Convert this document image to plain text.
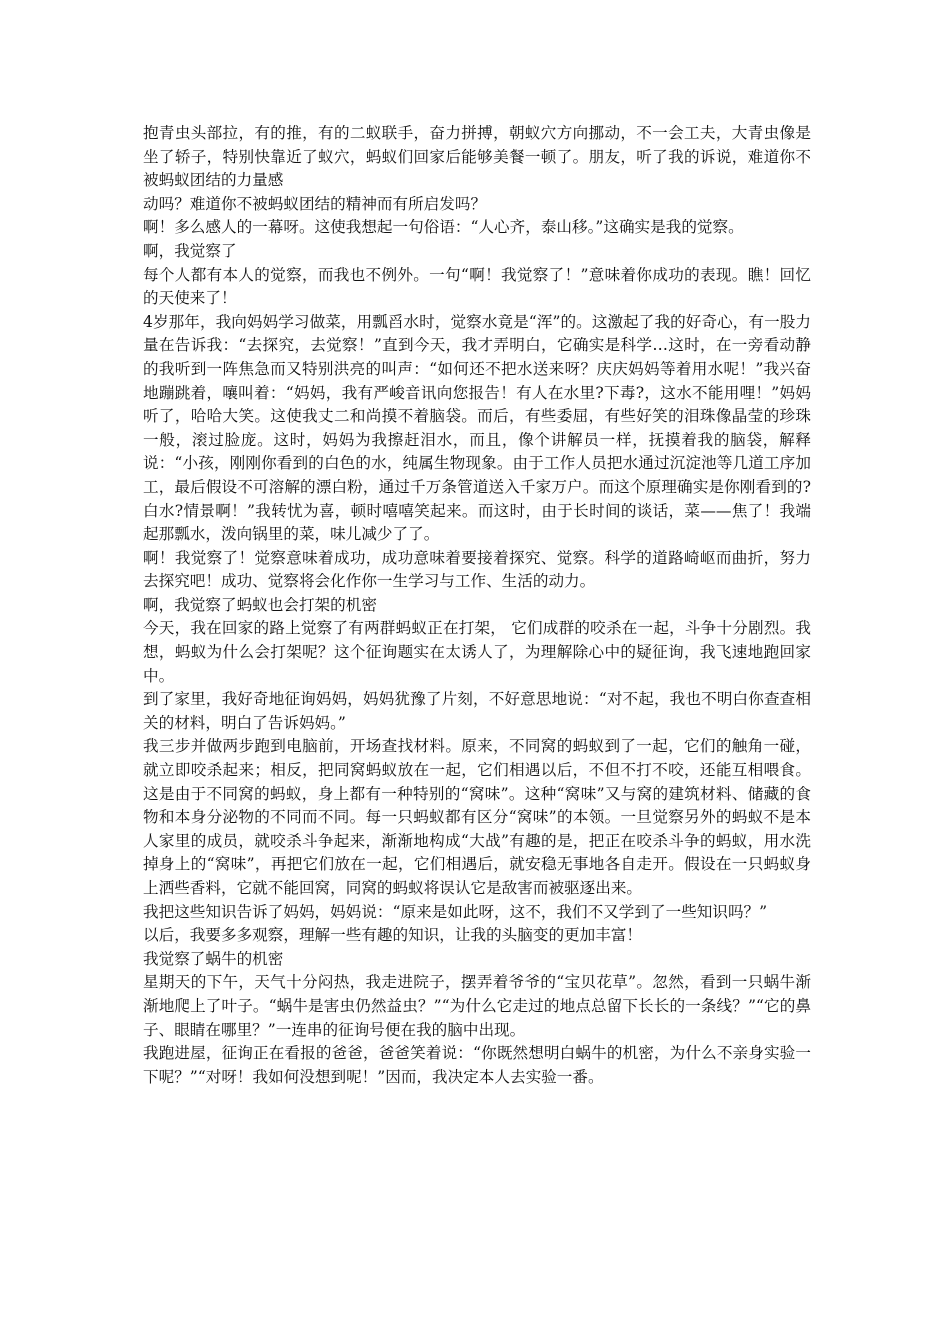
抱青虫头部拉，有的推，有的二蚁联手，奋力拼搏，朝蚁穴方向挪动，不一会工夫，大青虫像是坐了轿子，特别快靠近了蚁穴，蚂蚁们回家后能够美餐一顿了。朋友，听了我的诉说，难道你不被蚂蚁团结的力量感

动吗？难道你不被蚂蚁团结的精神而有所启发吗？

啊！多么感人的一幕呀。这使我想起一句俗语：“人心齐，泰山移。”这确实是我的觉察。

啊，我觉察了

每个人都有本人的觉察，而我也不例外。一句“啊！我觉察了！”意味着你成功的表现。瞧！回忆的天使来了！

4岁那年，我向妈妈学习做菜，用瓢舀水时，觉察水竟是“浑”的。这激起了我的好奇心，有一股力量在告诉我：“去探究，去觉察！”直到今天，我才弄明白，它确实是科学…这时，在一旁看动静的我听到一阵焦急而又特别洪亮的叫声：“如何还不把水送来呀？庆庆妈妈等着用水呢！”我兴奋地蹦跳着，嚷叫着：“妈妈，我有严峻音讯向您报告！有人在水里?下毒?，这水不能用哩！”妈妈听了，哈哈大笑。这使我丈二和尚摸不着脑袋。而后，有些委屈，有些好笑的泪珠像晶莹的珍珠一般，滚过脸庞。这时，妈妈为我擦赶泪水，而且，像个讲解员一样，抚摸着我的脑袋，解释说：“小孩，刚刚你看到的白色的水，纯属生物现象。由于工作人员把水通过沉淀池等几道工序加工，最后假设不可溶解的漂白粉，通过千万条管道送入千家万户。而这个原理确实是你刚看到的?白水?情景啊！”我转忧为喜，顿时嘻嘻笑起来。而这时，由于长时间的谈话，菜——焦了！我端起那瓢水，泼向锅里的菜，味儿减少了了。

啊！我觉察了！觉察意味着成功，成功意味着要接着探究、觉察。科学的道路崎岖而曲折，努力去探究吧！成功、觉察将会化作你一生学习与工作、生活的动力。

啊，我觉察了蚂蚁也会打架的机密

今天，我在回家的路上觉察了有两群蚂蚁正在打架， 它们成群的咬杀在一起，斗争十分剧烈。我想，蚂蚁为什么会打架呢？这个征询题实在太诱人了，为理解除心中的疑征询，我飞速地跑回家中。

到了家里，我好奇地征询妈妈，妈妈犹豫了片刻，不好意思地说：“对不起，我也不明白你查查相关的材料，明白了告诉妈妈。”

我三步并做两步跑到电脑前，开场查找材料。原来，不同窝的蚂蚁到了一起，它们的触角一碰，就立即咬杀起来；相反，把同窝蚂蚁放在一起，它们相遇以后，不但不打不咬，还能互相喂食。这是由于不同窝的蚂蚁，身上都有一种特别的“窝味”。这种“窝味”又与窝的建筑材料、储藏的食物和本身分泌物的不同而不同。每一只蚂蚁都有区分“窝味”的本领。一旦觉察另外的蚂蚁不是本人家里的成员，就咬杀斗争起来，渐渐地构成“大战”有趣的是，把正在咬杀斗争的蚂蚁，用水洗掉身上的“窝味”，再把它们放在一起，它们相遇后，就安稳无事地各自走开。假设在一只蚂蚁身上洒些香料，它就不能回窝，同窝的蚂蚁将误认它是敌害而被驱逐出来。

我把这些知识告诉了妈妈，妈妈说：“原来是如此呀，这不，我们不又学到了一些知识吗？”

以后，我要多多观察，理解一些有趣的知识，让我的头脑变的更加丰富！

我觉察了蜗牛的机密

星期天的下午，天气十分闷热，我走进院子，摆弄着爷爷的“宝贝花草”。忽然，看到一只蜗牛渐渐地爬上了叶子。“蜗牛是害虫仍然益虫？”“为什么它走过的地点总留下长长的一条线？”“它的鼻子、眼睛在哪里？”一连串的征询号便在我的脑中出现。

我跑进屋，征询正在看报的爸爸，爸爸笑着说：“你既然想明白蜗牛的机密，为什么不亲身实验一下呢？”“对呀！我如何没想到呢！”因而，我决定本人去实验一番。
